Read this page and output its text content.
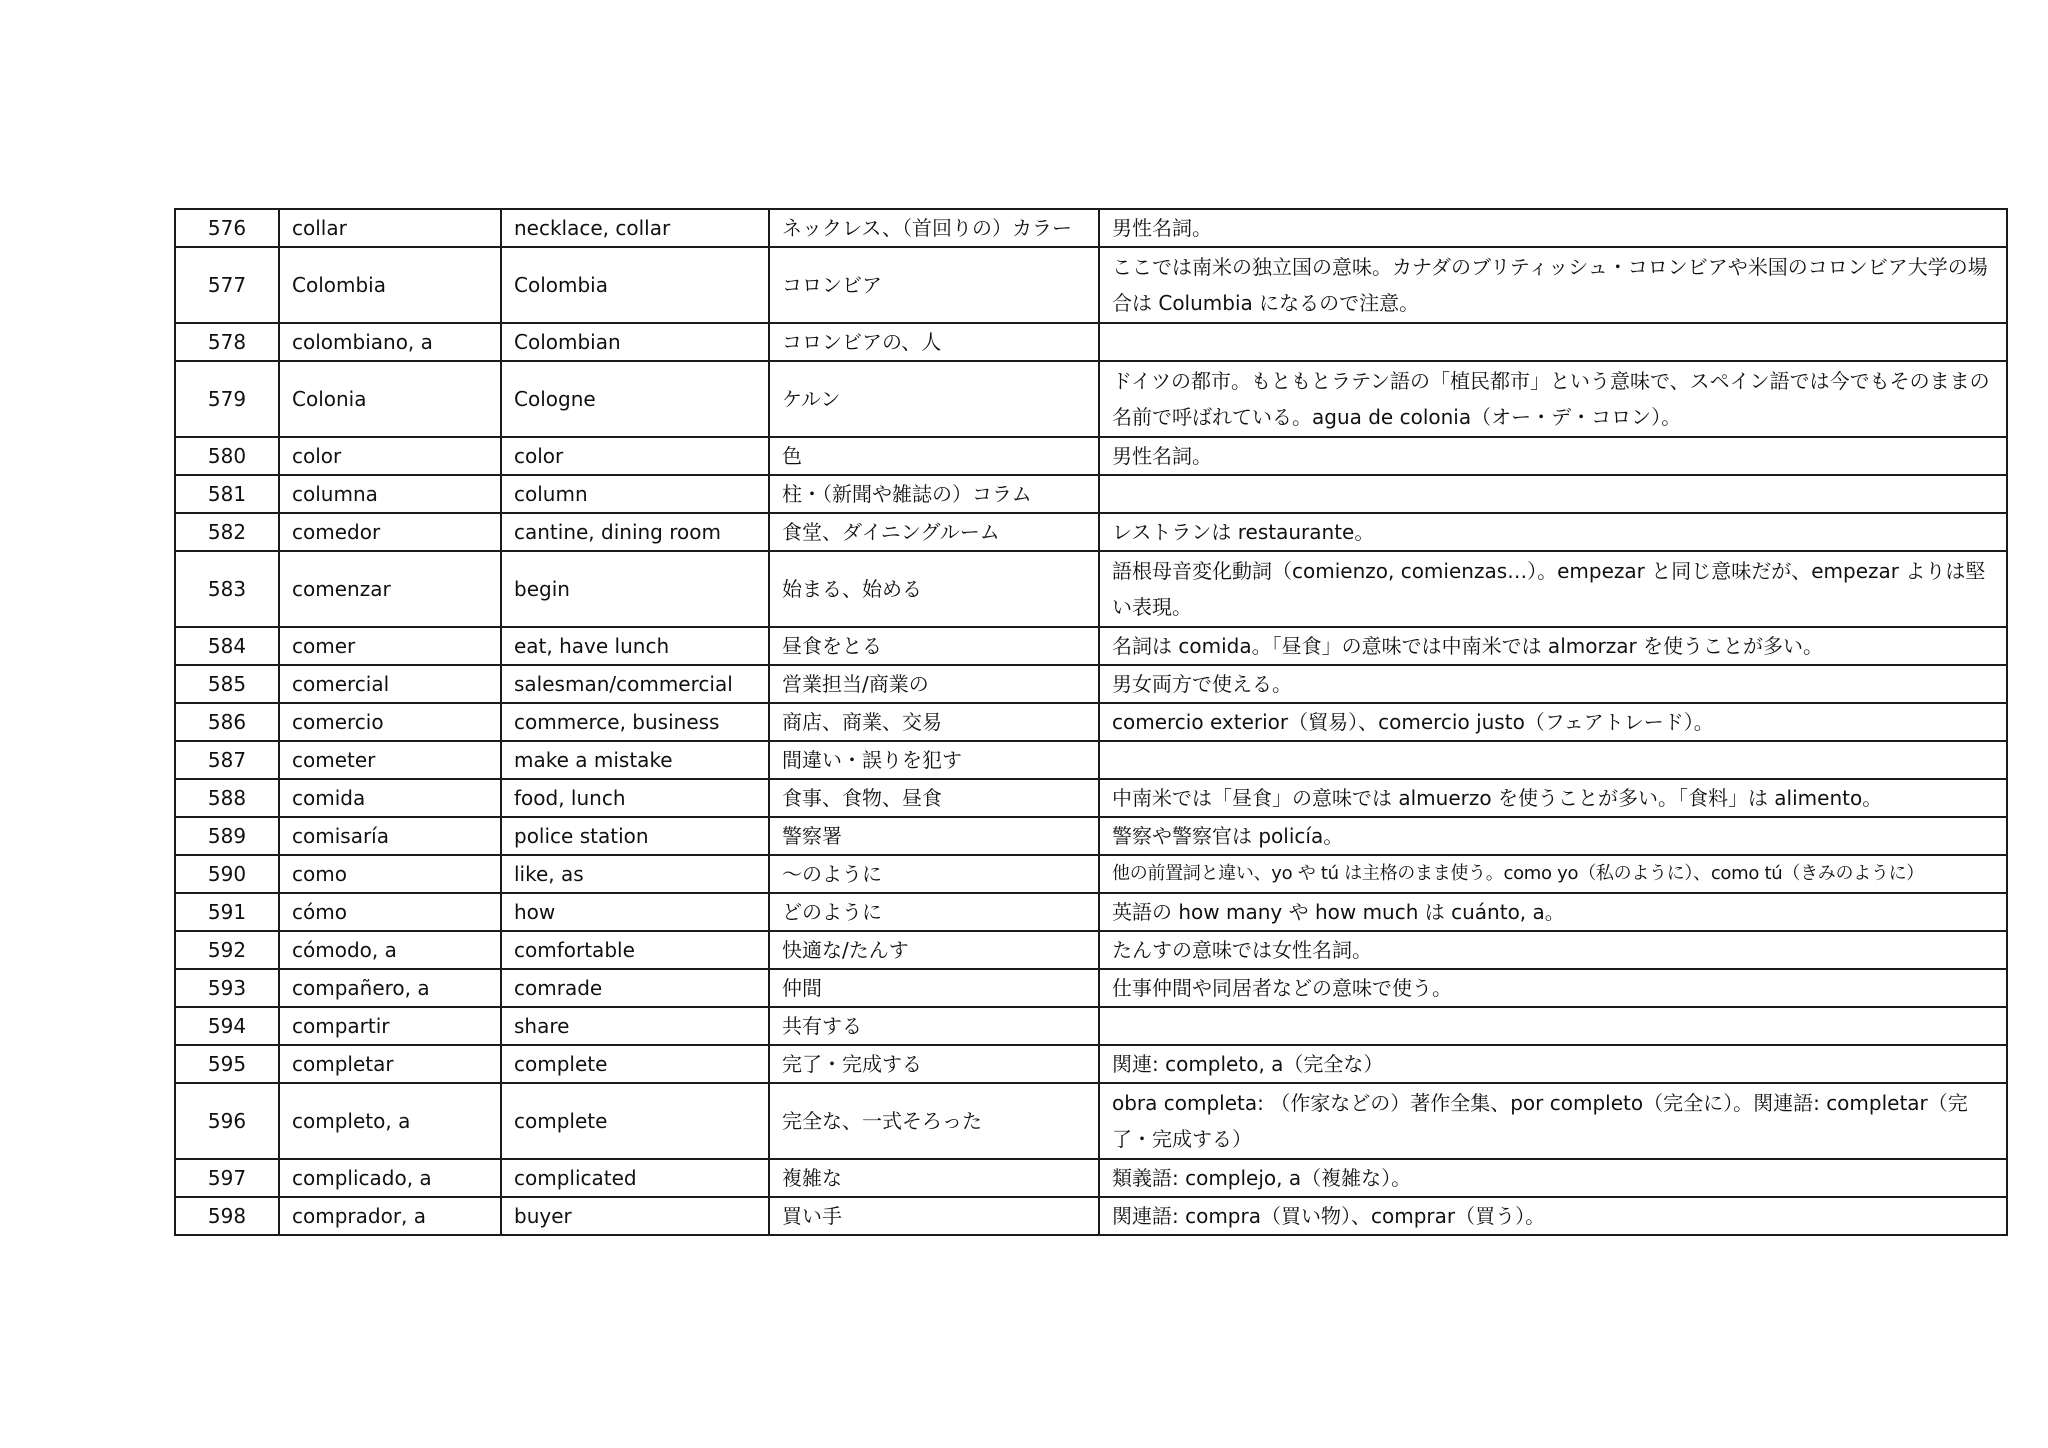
576	collar	necklace, collar	ネックレス、（首回りの）カラー	男性名詞。
577	Colombia	Colombia	コロンビア	ここでは南米の独立国の意味。カナダのブリティッシュ・コロンビアや米国のコロンビア大学の場合は Columbia になるので注意。
578	colombiano, a	Colombian	コロンビアの、人	
579	Colonia	Cologne	ケルン	ドイツの都市。もともとラテン語の「植民都市」という意味で、スペイン語では今でもそのままの名前で呼ばれている。agua de colonia（オー・デ・コロン）。
580	color	color	色	男性名詞。
581	columna	column	柱・（新聞や雑誌の）コラム	
582	comedor	cantine, dining room	食堂、ダイニングルーム	レストランは restaurante。
583	comenzar	begin	始まる、始める	語根母音変化動詞（comienzo, comienzas…）。empezar と同じ意味だが、empezar よりは堅い表現。
584	comer	eat, have lunch	昼食をとる	名詞は comida。「昼食」の意味では中南米では almorzar を使うことが多い。
585	comercial	salesman/commercial	営業担当/商業の	男女両方で使える。
586	comercio	commerce, business	商店、商業、交易	comercio exterior（貿易）、comercio justo（フェアトレード）。
587	cometer	make a mistake	間違い・誤りを犯す	
588	comida	food, lunch	食事、食物、昼食	中南米では「昼食」の意味では almuerzo を使うことが多い。「食料」は alimento。
589	comisaría	police station	警察署	警察や警察官は policía。
590	como	like, as	～のように	他の前置詞と違い、yo や tú は主格のまま使う。como yo（私のように）、como tú（きみのように）
591	cómo	how	どのように	英語の how many や how much は cuánto, a。
592	cómodo, a	comfortable	快適な/たんす	たんすの意味では女性名詞。
593	compañero, a	comrade	仲間	仕事仲間や同居者などの意味で使う。
594	compartir	share	共有する	
595	completar	complete	完了・完成する	関連: completo, a（完全な）
596	completo, a	complete	完全な、一式そろった	obra completa: （作家などの）著作全集、por completo（完全に）。関連語: completar（完了・完成する）
597	complicado, a	complicated	複雑な	類義語: complejo, a（複雑な）。
598	comprador, a	buyer	買い手	関連語: compra（買い物）、comprar（買う）。
